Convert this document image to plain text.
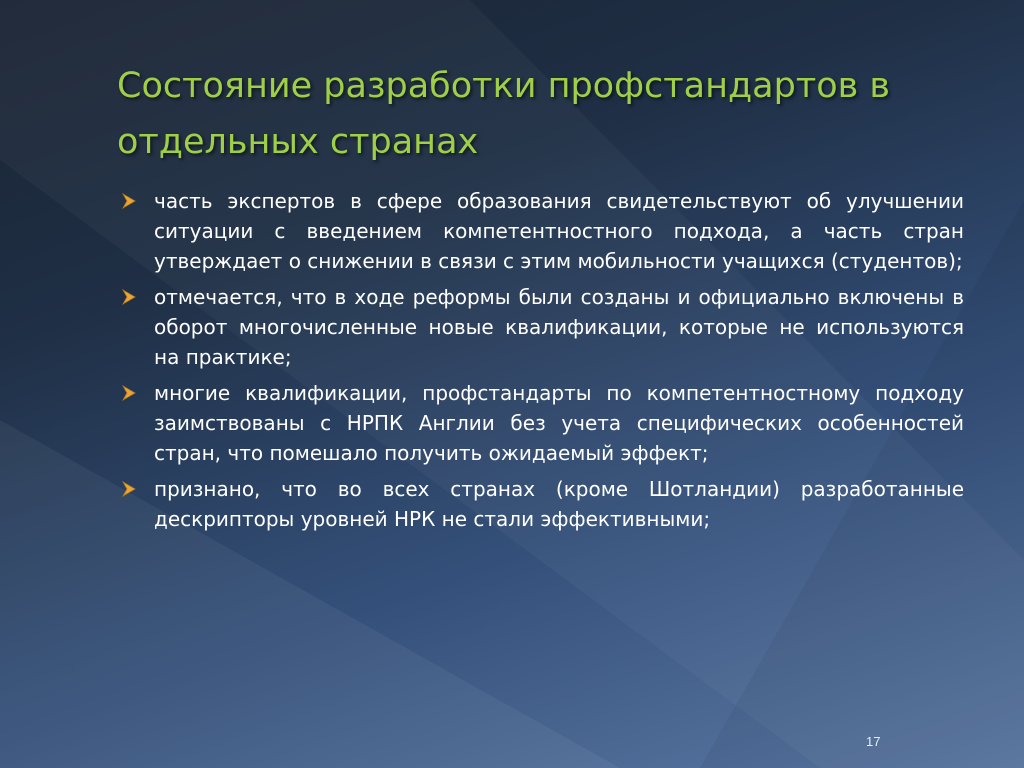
Состояние разработки профстандартов в отдельных странах
часть экспертов в сфере образования свидетельствуют об улучшении ситуации с введением компетентностного подхода, а часть стран утверждает о снижении в связи с этим мобильности учащихся (студентов);
отмечается, что в ходе реформы были созданы и официально включены в оборот многочисленные новые квалификации, которые не используются на практике;
многие квалификации, профстандарты по компетентностному подходу заимствованы с НРПК Англии без учета специфических особенностей стран, что помешало получить ожидаемый эффект;
признано, что во всех странах (кроме Шотландии) разработанные дескрипторы уровней НРК не стали эффективными;
17
